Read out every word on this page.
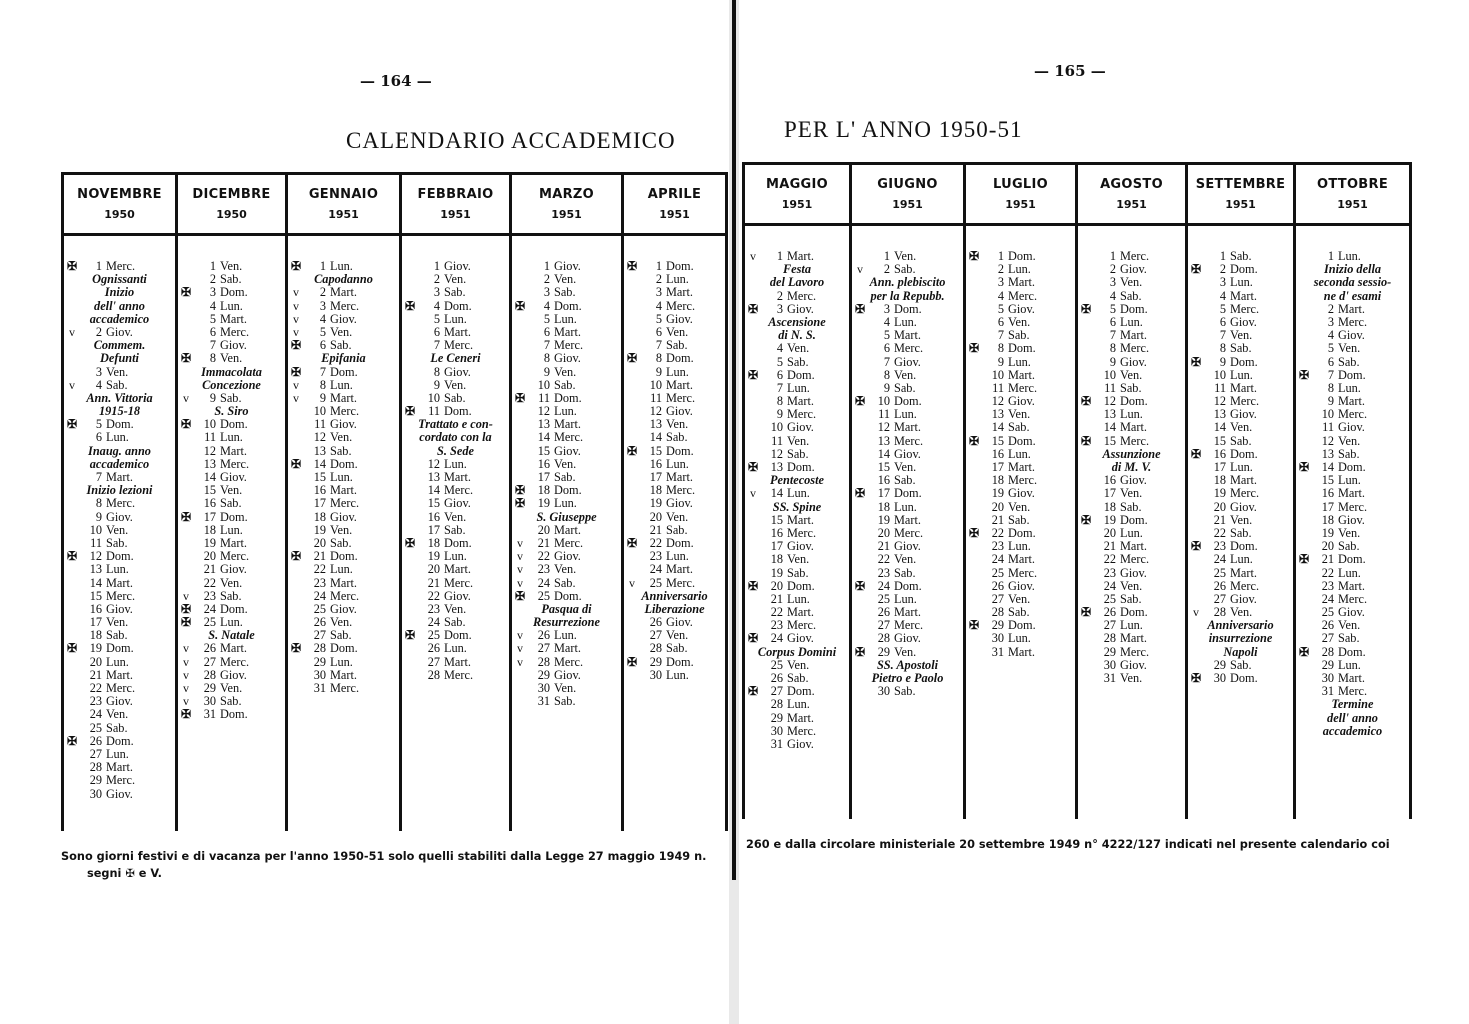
— 164 —
— 165 —
CALENDARIO ACCADEMICO	PER L' ANNO 1950-51
NOVEMBRE
1950
✠	1 Merc.
Ognissanti
Inizio
dell' anno
accademico
v	2 Giov.
Commem.
Defunti
3 Ven.
v	4 Sab.
Ann. Vittoria
1915-18
✠	5 Dom.
6 Lun.
Inaug. anno
accademico
7 Mart.
Inizio lezioni
8 Merc.
9 Giov.
10 Ven.
11 Sab.
✠	12 Dom.
13 Lun.
14 Mart.
15 Merc.
16 Giov.
17 Ven.
18 Sab.
✠	19 Dom.
20 Lun.
21 Mart.
22 Merc.
23 Giov.
24 Ven.
25 Sab.
✠	26 Dom.
27 Lun.
28 Mart.
29 Merc.
30 Giov.
DICEMBRE
1950
1 Ven.
2 Sab.
✠	3 Dom.
4 Lun.
5 Mart.
6 Merc.
7 Giov.
✠	8 Ven.
Immacolata
Concezione
v	9 Sab.
S. Siro
✠	10 Dom.
11 Lun.
12 Mart.
13 Merc.
14 Giov.
15 Ven.
16 Sab.
✠	17 Dom.
18 Lun.
19 Mart.
20 Merc.
21 Giov.
22 Ven.
v	23 Sab.
✠	24 Dom.
✠	25 Lun.
S. Natale
v	26 Mart.
v	27 Merc.
v	28 Giov.
v	29 Ven.
v	30 Sab.
✠	31 Dom.
GENNAIO
1951
✠	1 Lun.
Capodanno
v	2 Mart.
v	3 Merc.
v	4 Giov.
v	5 Ven.
✠	6 Sab.
Epifania
✠	7 Dom.
v	8 Lun.
v	9 Mart.
10 Merc.
11 Giov.
12 Ven.
13 Sab.
✠	14 Dom.
15 Lun.
16 Mart.
17 Merc.
18 Giov.
19 Ven.
20 Sab.
✠	21 Dom.
22 Lun.
23 Mart.
24 Merc.
25 Giov.
26 Ven.
27 Sab.
✠	28 Dom.
29 Lun.
30 Mart.
31 Merc.
FEBBRAIO
1951
1 Giov.
2 Ven.
3 Sab.
✠	4 Dom.
5 Lun.
6 Mart.
7 Merc.
Le Ceneri
8 Giov.
9 Ven.
10 Sab.
✠	11 Dom.
Trattato e con-
cordato con la
S. Sede
12 Lun.
13 Mart.
14 Merc.
15 Giov.
16 Ven.
17 Sab.
✠	18 Dom.
19 Lun.
20 Mart.
21 Merc.
22 Giov.
23 Ven.
24 Sab.
✠	25 Dom.
26 Lun.
27 Mart.
28 Merc.
MARZO
1951
1 Giov.
2 Ven.
3 Sab.
✠	4 Dom.
5 Lun.
6 Mart.
7 Merc.
8 Giov.
9 Ven.
10 Sab.
✠	11 Dom.
12 Lun.
13 Mart.
14 Merc.
15 Giov.
16 Ven.
17 Sab.
✠	18 Dom.
✠	19 Lun.
S. Giuseppe
20 Mart.
v	21 Merc.
v	22 Giov.
v	23 Ven.
v	24 Sab.
✠	25 Dom.
Pasqua di
Resurrezione
v	26 Lun.
v	27 Mart.
v	28 Merc.
29 Giov.
30 Ven.
31 Sab.
APRILE
1951
✠	1 Dom.
2 Lun.
3 Mart.
4 Merc.
5 Giov.
6 Ven.
7 Sab.
✠	8 Dom.
9 Lun.
10 Mart.
11 Merc.
12 Giov.
13 Ven.
14 Sab.
✠	15 Dom.
16 Lun.
17 Mart.
18 Merc.
19 Giov.
20 Ven.
21 Sab.
✠	22 Dom.
23 Lun.
24 Mart.
v	25 Merc.
Anniversario
Liberazione
26 Giov.
27 Ven.
28 Sab.
✠	29 Dom.
30 Lun.
MAGGIO
1951
v	1 Mart.
Festa
del Lavoro
2 Merc.
✠	3 Giov.
Ascensione
di N. S.
4 Ven.
5 Sab.
✠	6 Dom.
7 Lun.
8 Mart.
9 Merc.
10 Giov.
11 Ven.
12 Sab.
✠	13 Dom.
Pentecoste
v	14 Lun.
SS. Spine
15 Mart.
16 Merc.
17 Giov.
18 Ven.
19 Sab.
✠	20 Dom.
21 Lun.
22 Mart.
23 Merc.
✠	24 Giov.
Corpus Domini
25 Ven.
26 Sab.
✠	27 Dom.
28 Lun.
29 Mart.
30 Merc.
31 Giov.
GIUGNO
1951
1 Ven.
v	2 Sab.
Ann. plebiscito
per la Repubb.
✠	3 Dom.
4 Lun.
5 Mart.
6 Merc.
7 Giov.
8 Ven.
9 Sab.
✠	10 Dom.
11 Lun.
12 Mart.
13 Merc.
14 Giov.
15 Ven.
16 Sab.
✠	17 Dom.
18 Lun.
19 Mart.
20 Merc.
21 Giov.
22 Ven.
23 Sab.
✠	24 Dom.
25 Lun.
26 Mart.
27 Merc.
28 Giov.
✠	29 Ven.
SS. Apostoli
Pietro e Paolo
30 Sab.
LUGLIO
1951
✠	1 Dom.
2 Lun.
3 Mart.
4 Merc.
5 Giov.
6 Ven.
7 Sab.
✠	8 Dom.
9 Lun.
10 Mart.
11 Merc.
12 Giov.
13 Ven.
14 Sab.
✠	15 Dom.
16 Lun.
17 Mart.
18 Merc.
19 Giov.
20 Ven.
21 Sab.
✠	22 Dom.
23 Lun.
24 Mart.
25 Merc.
26 Giov.
27 Ven.
28 Sab.
✠	29 Dom.
30 Lun.
31 Mart.
AGOSTO
1951
1 Merc.
2 Giov.
3 Ven.
4 Sab.
✠	5 Dom.
6 Lun.
7 Mart.
8 Merc.
9 Giov.
10 Ven.
11 Sab.
✠	12 Dom.
13 Lun.
14 Mart.
✠	15 Merc.
Assunzione
di M. V.
16 Giov.
17 Ven.
18 Sab.
✠	19 Dom.
20 Lun.
21 Mart.
22 Merc.
23 Giov.
24 Ven.
25 Sab.
✠	26 Dom.
27 Lun.
28 Mart.
29 Merc.
30 Giov.
31 Ven.
SETTEMBRE
1951
1 Sab.
✠	2 Dom.
3 Lun.
4 Mart.
5 Merc.
6 Giov.
7 Ven.
8 Sab.
✠	9 Dom.
10 Lun.
11 Mart.
12 Merc.
13 Giov.
14 Ven.
15 Sab.
✠	16 Dom.
17 Lun.
18 Mart.
19 Merc.
20 Giov.
21 Ven.
22 Sab.
✠	23 Dom.
24 Lun.
25 Mart.
26 Merc.
27 Giov.
v	28 Ven.
Anniversario
insurrezione
Napoli
29 Sab.
✠	30 Dom.
OTTOBRE
1951
1 Lun.
Inizio della
seconda sessio-
ne d' esami
2 Mart.
3 Merc.
4 Giov.
5 Ven.
6 Sab.
✠	7 Dom.
8 Lun.
9 Mart.
10 Merc.
11 Giov.
12 Ven.
13 Sab.
✠	14 Dom.
15 Lun.
16 Mart.
17 Merc.
18 Giov.
19 Ven.
20 Sab.
✠	21 Dom.
22 Lun.
23 Mart.
24 Merc.
25 Giov.
26 Ven.
27 Sab.
✠	28 Dom.
29 Lun.
30 Mart.
31 Merc.
Termine
dell' anno
accademico
Sono giorni festivi e di vacanza per l'anno 1950-51 solo quelli stabiliti dalla Legge 27 maggio 1949 n.
segni ✠ e V.
260 e dalla circolare ministeriale 20 settembre 1949 n° 4222/127 indicati nel presente calendario coi
